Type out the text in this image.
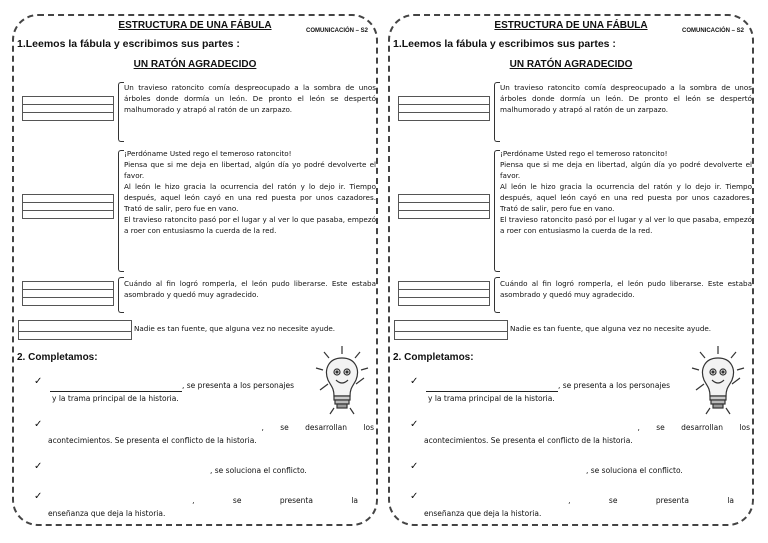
ESTRUCTURA DE UNA FÁBULA	COMUNICACIÓN – S2
1.Leemos la fábula y escribimos sus partes :
UN RATÓN AGRADECIDO

Un travieso ratoncito comía despreocupado a la sombra de unos árboles donde dormía un león. De pronto el león se despertó malhumorado y atrapó al ratón de un zarpazo.

¡Perdóname Usted rego el temeroso ratoncito!

Piensa que si me deja en libertad, algún día yo podré devolverte el favor.

Al león le hizo gracia la ocurrencia del ratón y lo dejo ir. Tiempo después, aquel león cayó en una red puesta por unos cazadores. Trató de salir, pero fue en vano.

El travieso ratoncito pasó por el lugar y al ver lo que pasaba, empezó a roer con entusiasmo la cuerda de la red.

Cuándo al fin logró romperla, el león pudo liberarse. Este estaba asombrado y quedó muy agradecido.

Nadie es tan fuente, que alguna vez no necesite ayude.
2. Completamos:
✓	, se presenta a los personajes
y la trama principal de la historia.
✓	, se desarrollan los
acontecimientos. Se presenta el conflicto de la historia.
✓	, se soluciona el conflicto.
✓	, se presenta la
enseñanza que deja la historia.
ESTRUCTURA DE UNA FÁBULA	COMUNICACIÓN – S2
1.Leemos la fábula y escribimos sus partes :
UN RATÓN AGRADECIDO

Un travieso ratoncito comía despreocupado a la sombra de unos árboles donde dormía un león. De pronto el león se despertó malhumorado y atrapó al ratón de un zarpazo.

¡Perdóname Usted rego el temeroso ratoncito!

Piensa que si me deja en libertad, algún día yo podré devolverte el favor.

Al león le hizo gracia la ocurrencia del ratón y lo dejo ir. Tiempo después, aquel león cayó en una red puesta por unos cazadores. Trató de salir, pero fue en vano.

El travieso ratoncito pasó por el lugar y al ver lo que pasaba, empezó a roer con entusiasmo la cuerda de la red.

Cuándo al fin logró romperla, el león pudo liberarse. Este estaba asombrado y quedó muy agradecido.

Nadie es tan fuente, que alguna vez no necesite ayude.
2. Completamos:
✓	, se presenta a los personajes
y la trama principal de la historia.
✓	, se desarrollan los
acontecimientos. Se presenta el conflicto de la historia.
✓	, se soluciona el conflicto.
✓	, se presenta la
enseñanza que deja la historia.
